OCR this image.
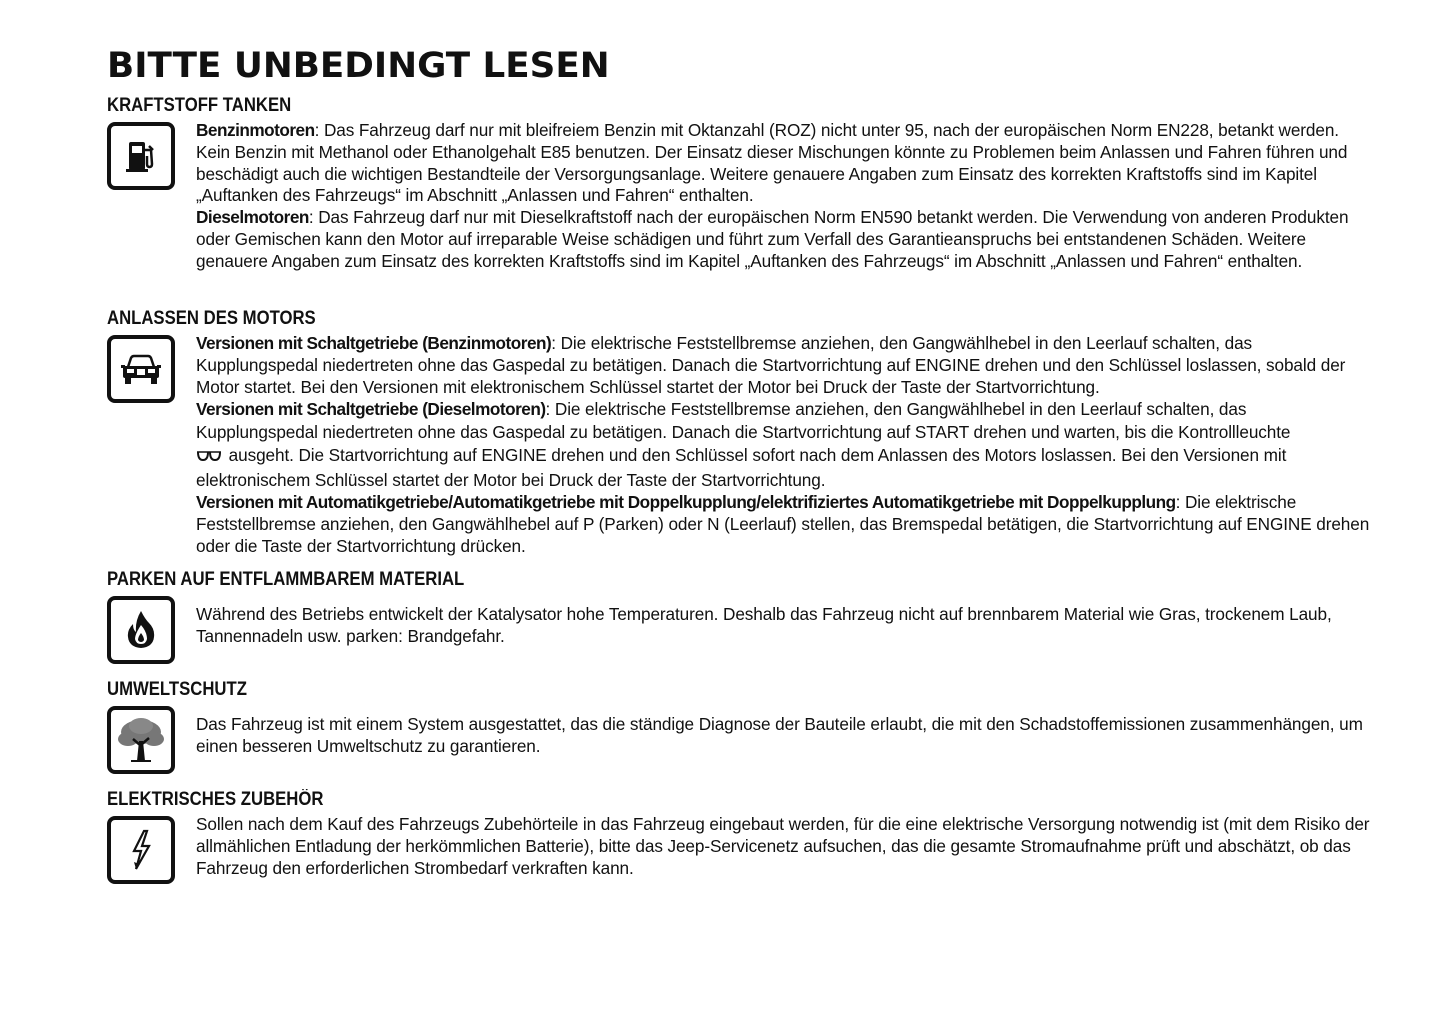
BITTE UNBEDINGT LESEN
KRAFTSTOFF TANKEN

Benzinmotoren: Das Fahrzeug darf nur mit bleifreiem Benzin mit Oktanzahl (ROZ) nicht unter 95, nach der europäischen Norm EN228, betankt werden. Kein Benzin mit Methanol oder Ethanolgehalt E85 benutzen. Der Einsatz dieser Mischungen könnte zu Problemen beim Anlassen und Fahren führen und beschädigt auch die wichtigen Bestandteile der Versorgungsanlage. Weitere genauere Angaben zum Einsatz des korrekten Kraftstoffs sind im Kapitel „Auftanken des Fahrzeugs“ im Abschnitt „Anlassen und Fahren“ enthalten.

Dieselmotoren: Das Fahrzeug darf nur mit Dieselkraftstoff nach der europäischen Norm EN590 betankt werden. Die Verwendung von anderen Produkten oder Gemischen kann den Motor auf irreparable Weise schädigen und führt zum Verfall des Garantieanspruchs bei entstandenen Schäden. Weitere genauere Angaben zum Einsatz des korrekten Kraftstoffs sind im Kapitel „Auftanken des Fahrzeugs“ im Abschnitt „Anlassen und Fahren“ enthalten.

ANLASSEN DES MOTORS

Versionen mit Schaltgetriebe (Benzinmotoren): Die elektrische Feststellbremse anziehen, den Gangwählhebel in den Leerlauf schalten, das Kupplungspedal niedertreten ohne das Gaspedal zu betätigen. Danach die Startvorrichtung auf ENGINE drehen und den Schlüssel loslassen, sobald der Motor startet. Bei den Versionen mit elektronischem Schlüssel startet der Motor bei Druck der Taste der Startvorrichtung.

Versionen mit Schaltgetriebe (Dieselmotoren): Die elektrische Feststellbremse anziehen, den Gangwählhebel in den Leerlauf schalten, das Kupplungspedal niedertreten ohne das Gaspedal zu betätigen. Danach die Startvorrichtung auf START drehen und warten, bis die Kontrollleuchte
ausgeht. Die Startvorrichtung auf ENGINE drehen und den Schlüssel sofort nach dem Anlassen des Motors loslassen. Bei den Versionen mit elektronischem Schlüssel startet der Motor bei Druck der Taste der Startvorrichtung.

Versionen mit Automatikgetriebe/Automatikgetriebe mit Doppelkupplung/elektrifiziertes Automatikgetriebe mit Doppelkupplung: Die elektrische Feststellbremse anziehen, den Gangwählhebel auf P (Parken) oder N (Leerlauf) stellen, das Bremspedal betätigen, die Startvorrichtung auf ENGINE drehen oder die Taste der Startvorrichtung drücken.

PARKEN AUF ENTFLAMMBAREM MATERIAL

Während des Betriebs entwickelt der Katalysator hohe Temperaturen. Deshalb das Fahrzeug nicht auf brennbarem Material wie Gras, trockenem Laub, Tannennadeln usw. parken: Brandgefahr.

UMWELTSCHUTZ

Das Fahrzeug ist mit einem System ausgestattet, das die ständige Diagnose der Bauteile erlaubt, die mit den Schadstoffemissionen zusammenhängen, um einen besseren Umweltschutz zu garantieren.

ELEKTRISCHES ZUBEHÖR

Sollen nach dem Kauf des Fahrzeugs Zubehörteile in das Fahrzeug eingebaut werden, für die eine elektrische Versorgung notwendig ist (mit dem Risiko der allmählichen Entladung der herkömmlichen Batterie), bitte das Jeep-Servicenetz aufsuchen, das die gesamte Stromaufnahme prüft und abschätzt, ob das Fahrzeug den erforderlichen Strombedarf verkraften kann.
